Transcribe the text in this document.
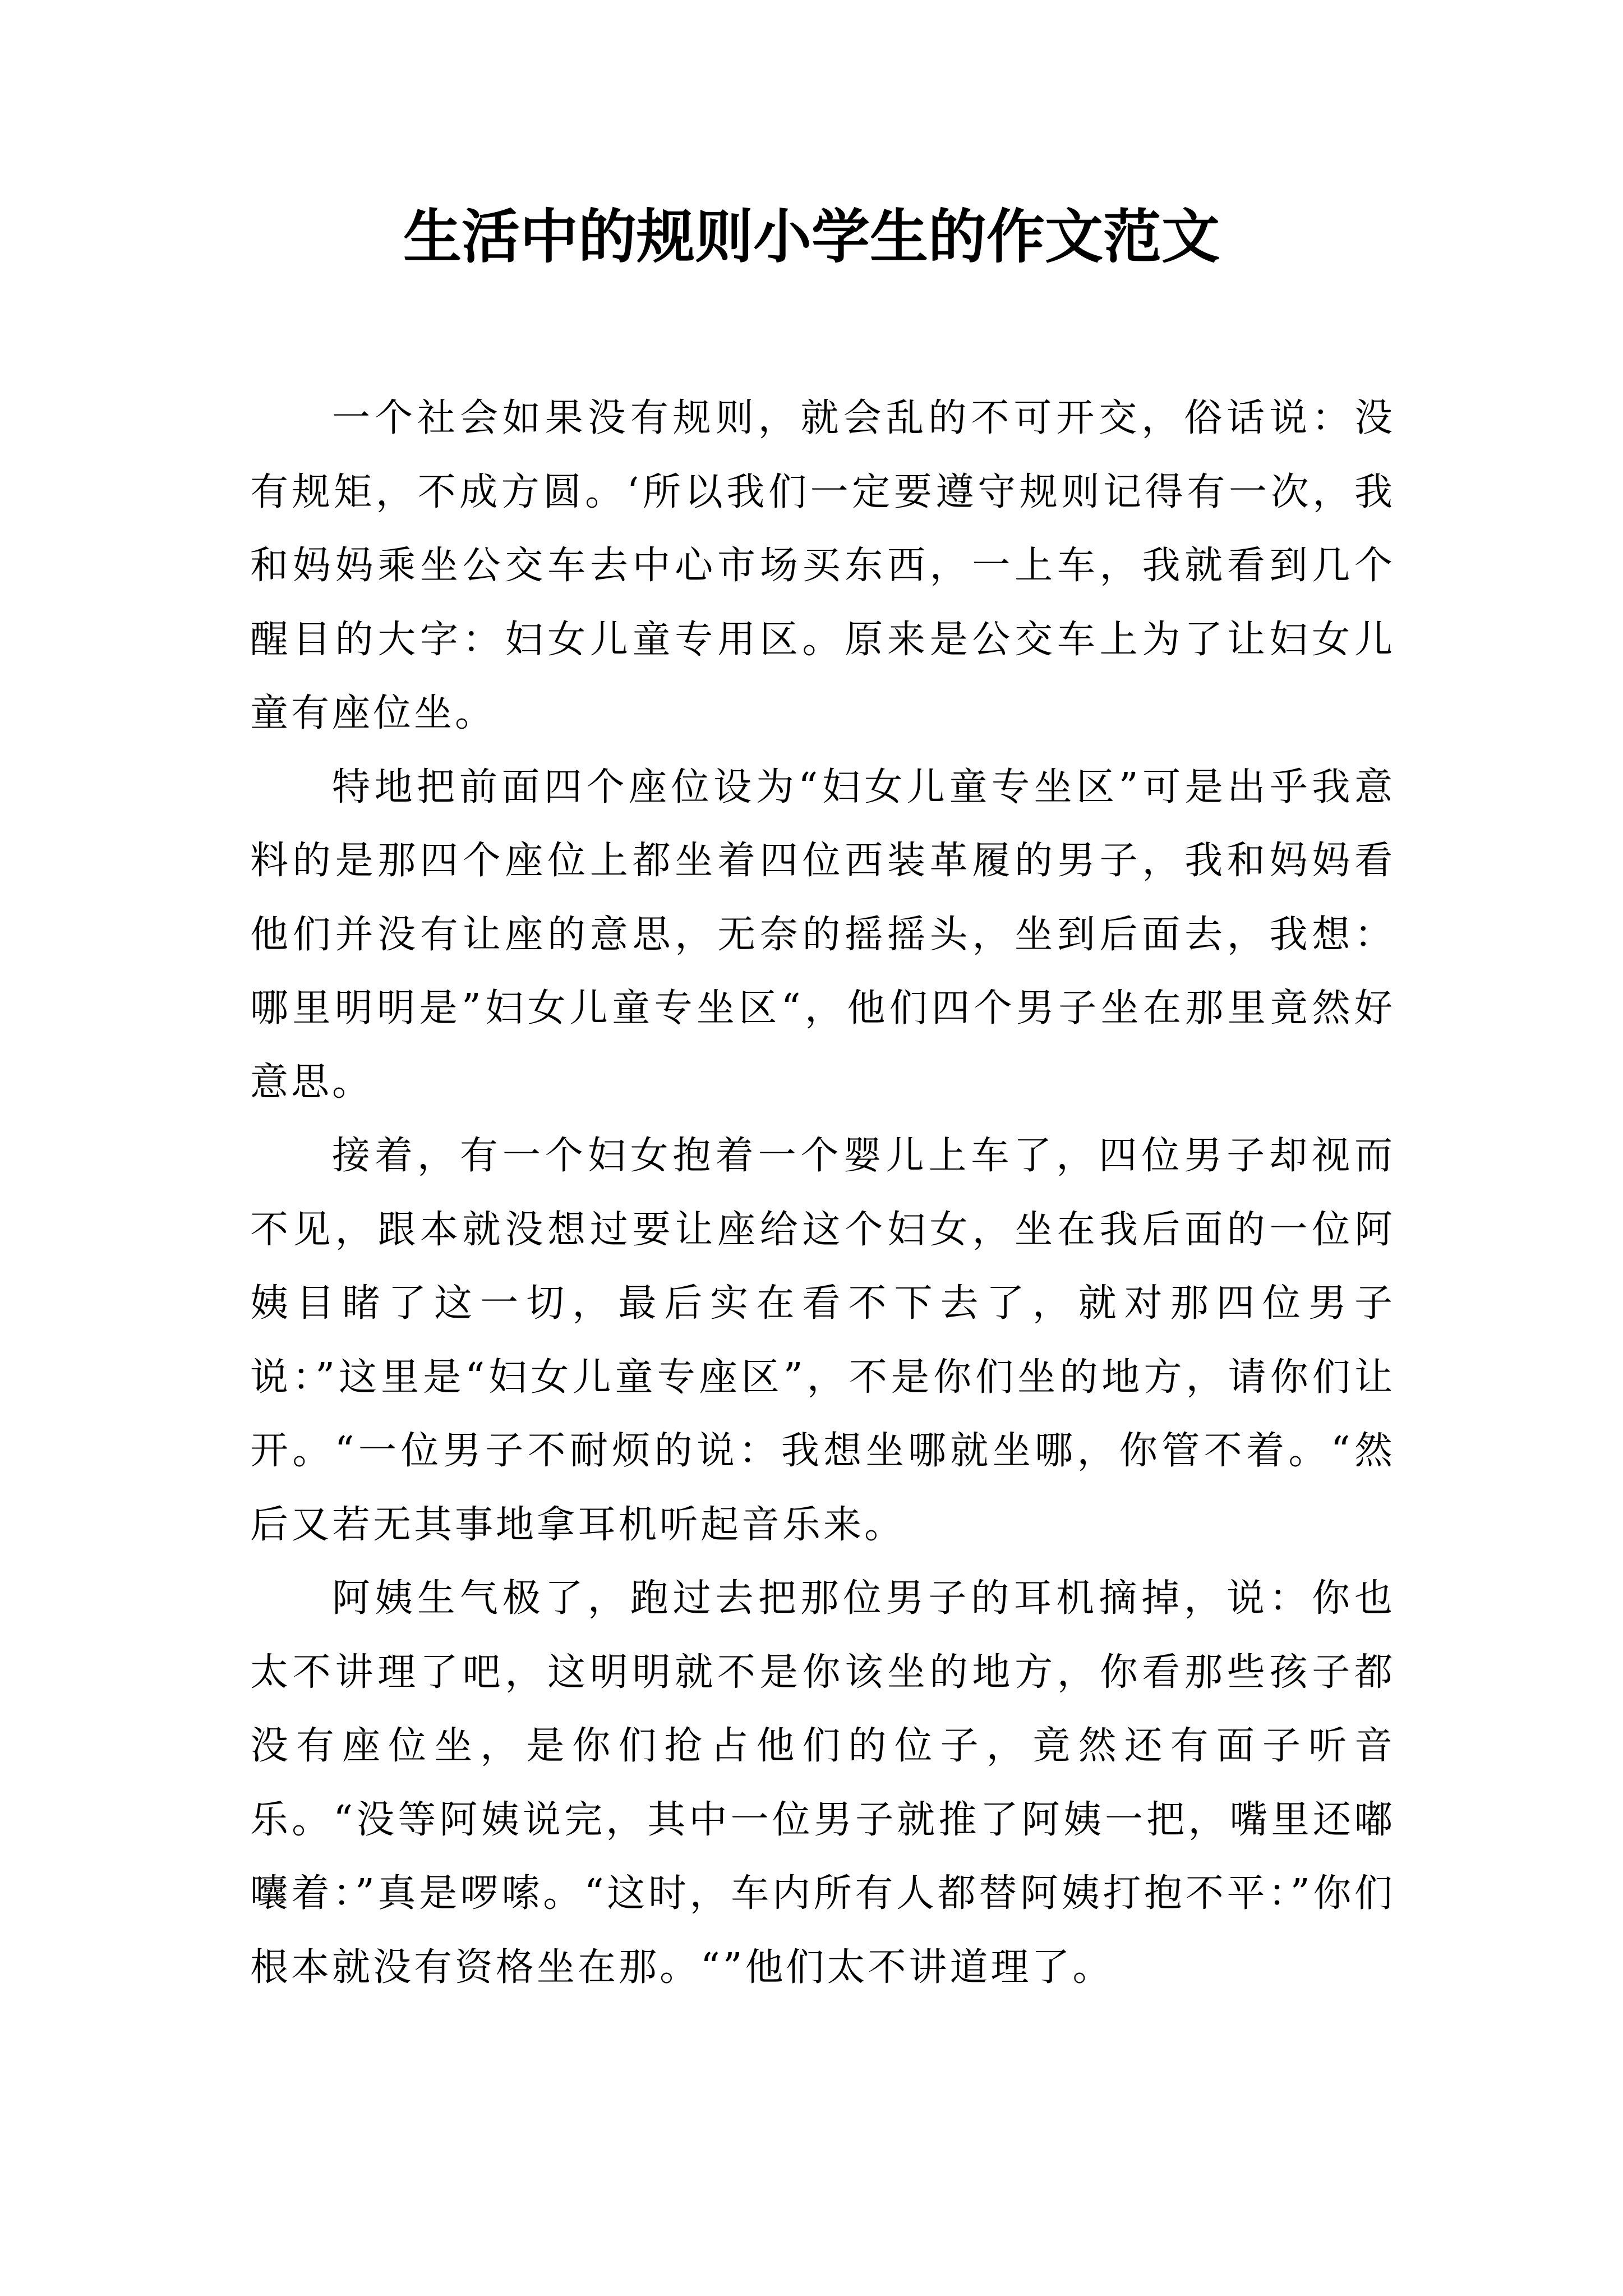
生活中的规则小学生的作文范文

一个社会如果没有规则，就会乱的不可开交，俗话说：没有规矩，不成方圆。‘所以我们一定要遵守规则记得有一次，我和妈妈乘坐公交车去中心市场买东西，一上车，我就看到几个醒目的大字：妇女儿童专用区。原来是公交车上为了让妇女儿童有座位坐。

特地把前面四个座位设为“妇女儿童专坐区”可是出乎我意料的是那四个座位上都坐着四位西装革履的男子，我和妈妈看他们并没有让座的意思，无奈的摇摇头，坐到后面去，我想：哪里明明是”妇女儿童专坐区“，他们四个男子坐在那里竟然好意思。

接着，有一个妇女抱着一个婴儿上车了，四位男子却视而不见，跟本就没想过要让座给这个妇女，坐在我后面的一位阿姨目睹了这一切，最后实在看不下去了，就对那四位男子说：”这里是“妇女儿童专座区”，不是你们坐的地方，请你们让开。“一位男子不耐烦的说：我想坐哪就坐哪，你管不着。“然后又若无其事地拿耳机听起音乐来。

阿姨生气极了，跑过去把那位男子的耳机摘掉，说：你也太不讲理了吧，这明明就不是你该坐的地方，你看那些孩子都没有座位坐，是你们抢占他们的位子，竟然还有面子听音乐。“没等阿姨说完，其中一位男子就推了阿姨一把，嘴里还嘟囔着：”真是啰嗦。“这时，车内所有人都替阿姨打抱不平：”你们根本就没有资格坐在那。“”他们太不讲道理了。
